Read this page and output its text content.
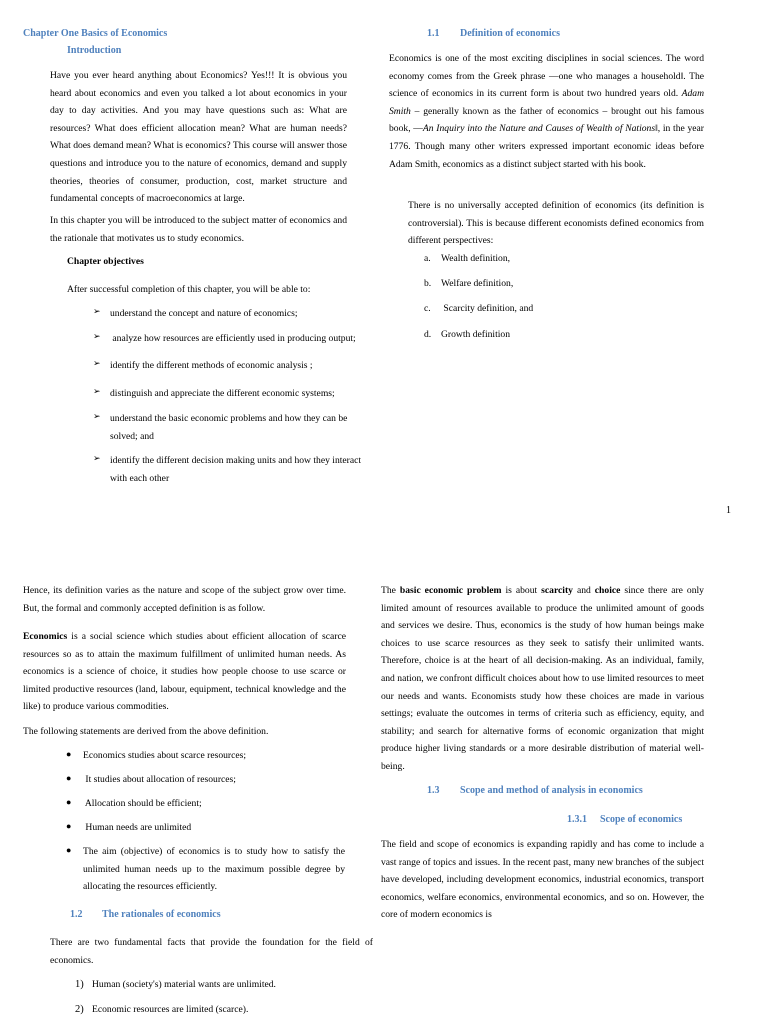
Chapter One Basics of Economics
Introduction
Have you ever heard anything about Economics? Yes!!! It is obvious you heard about economics and even you talked a lot about economics in your day to day activities. And you may have questions such as: What are resources? What does efficient allocation mean? What are human needs? What does demand mean? What is economics? This course will answer those questions and introduce you to the nature of economics, demand and supply theories, theories of consumer, production, cost, market structure and fundamental concepts of macroeconomics at large.
In this chapter you will be introduced to the subject matter of economics and the rationale that motivates us to study economics.
Chapter objectives
After successful completion of this chapter, you will be able to:
➢ understand the concept and nature of economics;
➢ analyze how resources are efficiently used in producing output;
➢ identify the different methods of economic analysis ;
➢ distinguish and appreciate the different economic systems;
➢ understand the basic economic problems and how they can be solved; and
➢ identify the different decision making units and how they interact with each other
1.1 Definition of economics
Economics is one of the most exciting disciplines in social sciences. The word economy comes from the Greek phrase —one who manages a household‖. The science of economics in its current form is about two hundred years old. Adam Smith – generally known as the father of economics – brought out his famous book, —An Inquiry into the Nature and Causes of Wealth of Nations‖, in the year 1776. Though many other writers expressed important economic ideas before Adam Smith, economics as a distinct subject started with his book.
There is no universally accepted definition of economics (its definition is controversial). This is because different economists defined economics from different perspectives:
a. Wealth definition,
b. Welfare definition,
c. Scarcity definition, and
d. Growth definition
1
Hence, its definition varies as the nature and scope of the subject grow over time. But, the formal and commonly accepted definition is as follow.
Economics is a social science which studies about efficient allocation of scarce resources so as to attain the maximum fulfillment of unlimited human needs. As economics is a science of choice, it studies how people choose to use scarce or limited productive resources (land, labour, equipment, technical knowledge and the like) to produce various commodities.
The following statements are derived from the above definition.
● Economics studies about scarce resources;
● It studies about allocation of resources;
● Allocation should be efficient;
● Human needs are unlimited
● The aim (objective) of economics is to study how to satisfy the unlimited human needs up to the maximum possible degree by allocating the resources efficiently.
1.2 The rationales of economics
There are two fundamental facts that provide the foundation for the field of economics.
1) Human (society's) material wants are unlimited.
2) Economic resources are limited (scarce).
The basic economic problem is about scarcity and choice since there are only limited amount of resources available to produce the unlimited amount of goods and services we desire. Thus, economics is the study of how human beings make choices to use scarce resources as they seek to satisfy their unlimited wants. Therefore, choice is at the heart of all decision-making. As an individual, family, and nation, we confront difficult choices about how to use limited resources to meet our needs and wants. Economists study how these choices are made in various settings; evaluate the outcomes in terms of criteria such as efficiency, equity, and stability; and search for alternative forms of economic organization that might produce higher living standards or a more desirable distribution of material well-being.
1.3 Scope and method of analysis in economics
1.3.1 Scope of economics
The field and scope of economics is expanding rapidly and has come to include a vast range of topics and issues. In the recent past, many new branches of the subject have developed, including development economics, industrial economics, transport economics, welfare economics, environmental economics, and so on. However, the core of modern economics is
